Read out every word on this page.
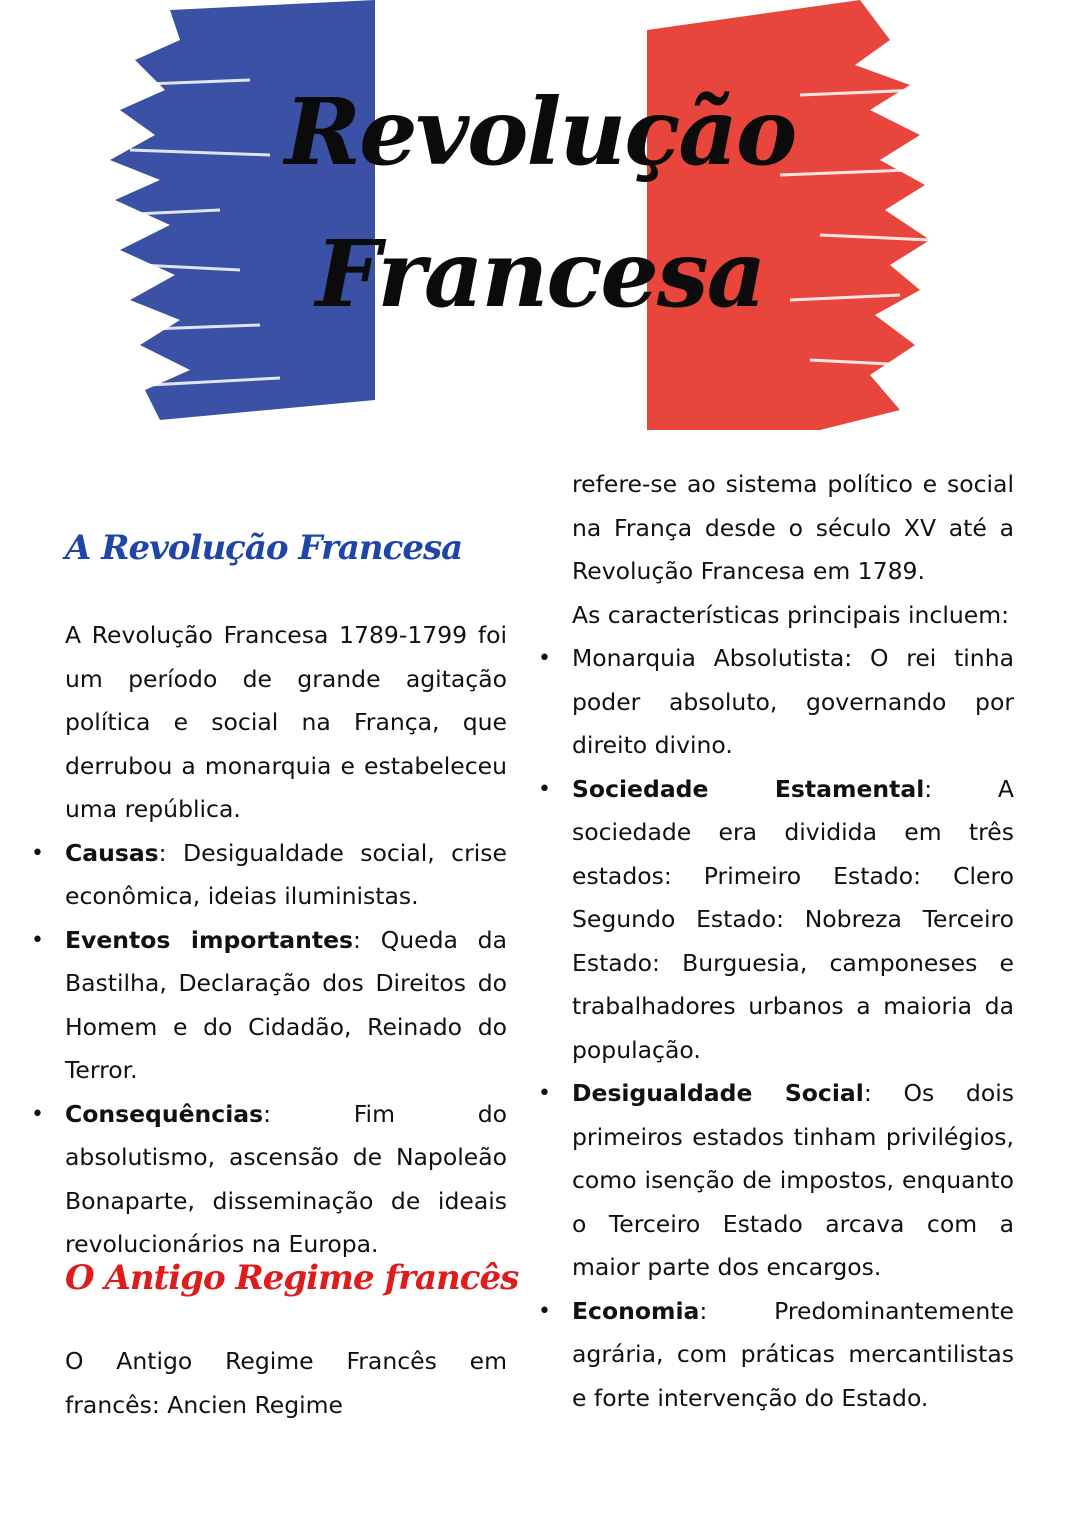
Revolução
Francesa
A Revolução Francesa

A Revolução Francesa 1789-1799 foi um período de grande agitação política e social na França, que derrubou a monarquia e estabeleceu uma república.

• Causas: Desigualdade social, crise econômica, ideias iluministas.
• Eventos importantes: Queda da Bastilha, Declaração dos Direitos do Homem e do Cidadão, Reinado do Terror.
• Consequências: Fim do absolutismo, ascensão de Napoleão Bonaparte, disseminação de ideais revolucionários na Europa.
O Antigo Regime francês

O Antigo Regime Francês em francês: Ancien Regime

refere-se ao sistema político e social na França desde o século XV até a Revolução Francesa em 1789.

As características principais incluem:

• Monarquia Absolutista: O rei tinha poder absoluto, governando por direito divino.
• Sociedade Estamental: A sociedade era dividida em três estados: Primeiro Estado: Clero Segundo Estado: Nobreza Terceiro Estado: Burguesia, camponeses e trabalhadores urbanos a maioria da população.
• Desigualdade Social: Os dois primeiros estados tinham privilégios, como isenção de impostos, enquanto o Terceiro Estado arcava com a maior parte dos encargos.
• Economia: Predominantemente agrária, com práticas mercantilistas e forte intervenção do Estado.
